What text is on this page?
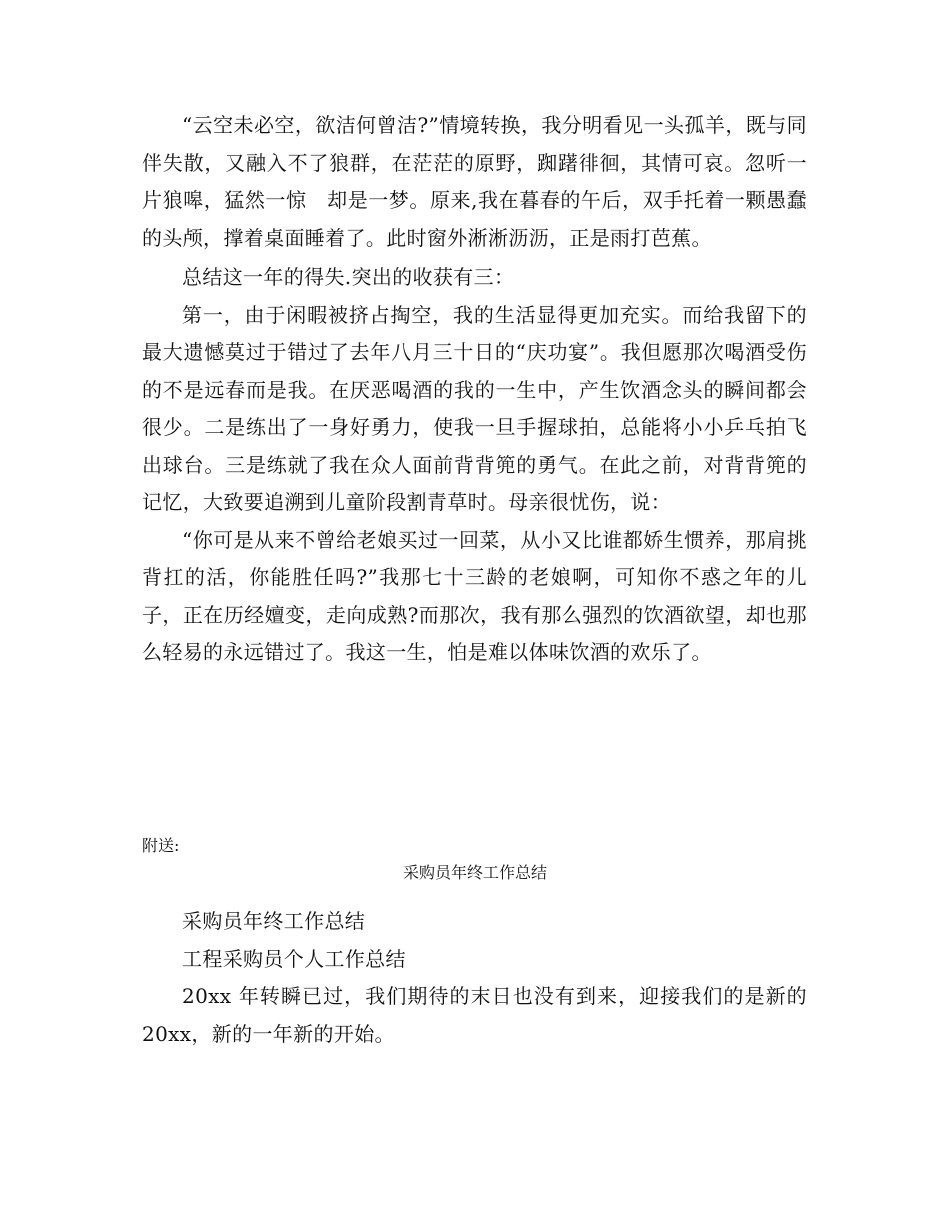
“云空未必空，欲洁何曾洁?”情境转换，我分明看见一头孤羊，既与同伴失散，又融入不了狼群，在茫茫的原野，踟躇徘徊，其情可哀。忽听一片狼嗥，猛然一惊　却是一梦。原来,我在暮春的午后，双手托着一颗愚蠢的头颅，撑着桌面睡着了。此时窗外淅淅沥沥，正是雨打芭蕉。

总结这一年的得失.突出的收获有三：

第一，由于闲暇被挤占掏空，我的生活显得更加充实。而给我留下的最大遗憾莫过于错过了去年八月三十日的“庆功宴”。我但愿那次喝酒受伤的不是远春而是我。在厌恶喝酒的我的一生中，产生饮酒念头的瞬间都会很少。二是练出了一身好勇力，使我一旦手握球拍，总能将小小乒乓拍飞出球台。三是练就了我在众人面前背背篼的勇气。在此之前，对背背篼的记忆，大致要追溯到儿童阶段割青草时。母亲很忧伤，说：

“你可是从来不曾给老娘买过一回菜，从小又比谁都娇生惯养，那肩挑背扛的活，你能胜任吗?”我那七十三龄的老娘啊，可知你不惑之年的儿子，正在历经嬗变，走向成熟?而那次，我有那么强烈的饮酒欲望，却也那么轻易的永远错过了。我这一生，怕是难以体味饮酒的欢乐了。

附送:
采购员年终工作总结

采购员年终工作总结

工程采购员个人工作总结

20xx 年转瞬已过，我们期待的末日也没有到来，迎接我们的是新的 20xx，新的一年新的开始。
